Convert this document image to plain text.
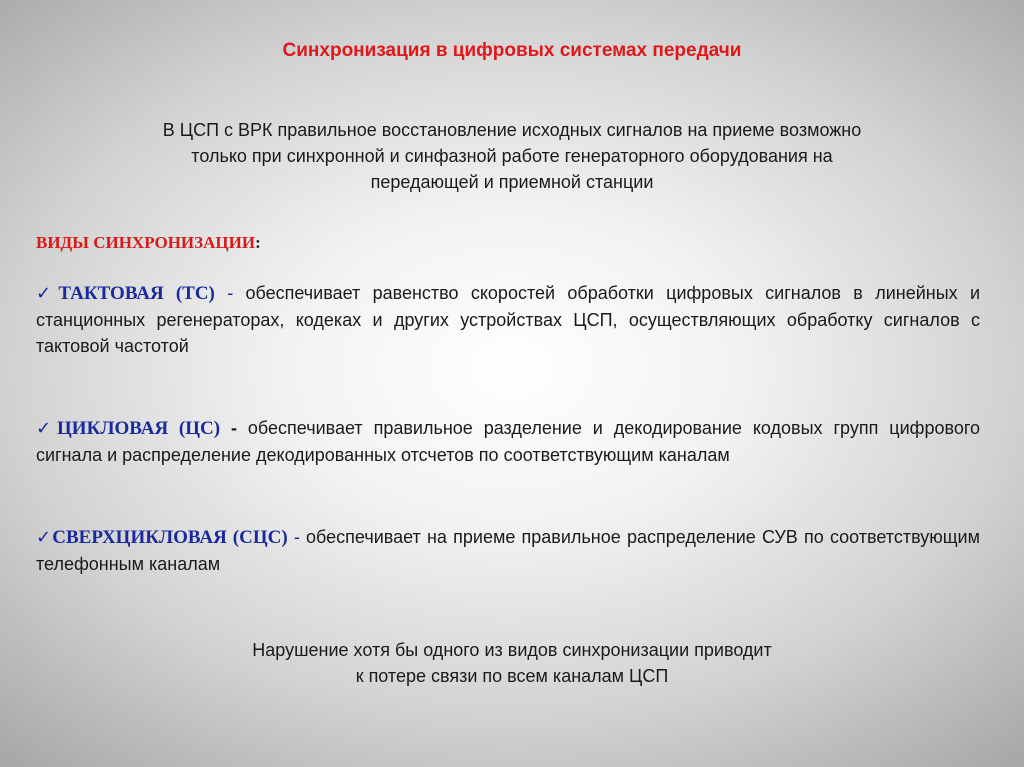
Синхронизация в цифровых системах передачи
В ЦСП с ВРК правильное восстановление исходных сигналов на приеме возможно
только при синхронной и синфазной работе генераторного оборудования на
передающей и приемной станции
ВИДЫ СИНХРОНИЗАЦИИ:
✓ТАКТОВАЯ (ТС) - обеспечивает равенство скоростей обработки цифровых сигналов в линейных и станционных регенераторах, кодеках и других устройствах ЦСП, осуществляющих обработку сигналов с тактовой частотой
✓ЦИКЛОВАЯ (ЦС) - обеспечивает правильное разделение и декодирование кодовых групп цифрового сигнала и распределение декодированных отсчетов по соответствующим каналам
✓СВЕРХЦИКЛОВАЯ (СЦС) - обеспечивает на приеме правильное распределение СУВ по соответствующим телефонным каналам
Нарушение хотя бы одного из видов синхронизации приводит
к потере связи по всем каналам ЦСП
